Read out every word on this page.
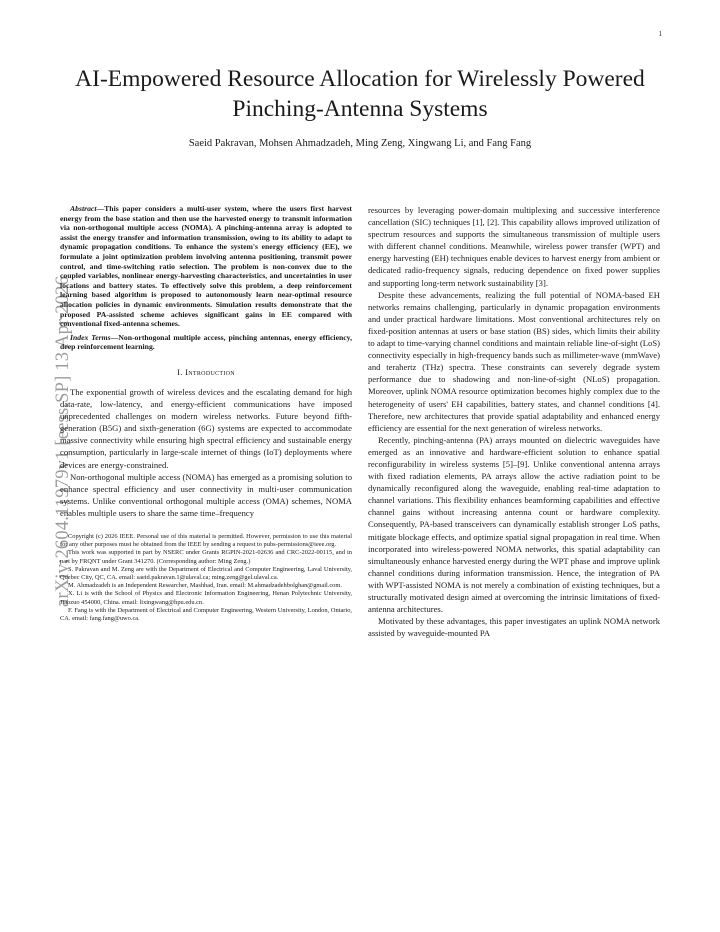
1
arXiv:2604.11979v1 [eess.SP] 13 Apr 2026
AI-Empowered Resource Allocation for Wirelessly Powered Pinching-Antenna Systems
Saeid Pakravan, Mohsen Ahmadzadeh, Ming Zeng, Xingwang Li, and Fang Fang

Abstract—This paper considers a multi-user system, where the users first harvest energy from the base station and then use the harvested energy to transmit information via non-orthogonal multiple access (NOMA). A pinching-antenna array is adopted to assist the energy transfer and information transmission, owing to its ability to adapt to dynamic propagation conditions. To enhance the system's energy efficiency (EE), we formulate a joint optimization problem involving antenna positioning, transmit power control, and time-switching ratio selection. The problem is non-convex due to the coupled variables, nonlinear energy-harvesting characteristics, and uncertainties in user locations and battery states. To effectively solve this problem, a deep reinforcement learning based algorithm is proposed to autonomously learn near-optimal resource allocation policies in dynamic environments. Simulation results demonstrate that the proposed PA-assisted scheme achieves significant gains in EE compared with conventional fixed-antenna schemes.

Index Terms—Non-orthogonal multiple access, pinching antennas, energy efficiency, deep reinforcement learning.

I. Introduction

The exponential growth of wireless devices and the escalating demand for high data-rate, low-latency, and energy-efficient communications have imposed unprecedented challenges on modern wireless networks. Future beyond fifth-generation (B5G) and sixth-generation (6G) systems are expected to accommodate massive connectivity while ensuring high spectral efficiency and sustainable energy consumption, particularly in large-scale internet of things (IoT) deployments where devices are energy-constrained.

Non-orthogonal multiple access (NOMA) has emerged as a promising solution to enhance spectral efficiency and user connectivity in multi-user communication systems. Unlike conventional orthogonal multiple access (OMA) schemes, NOMA enables multiple users to share the same time–frequency

Copyright (c) 2026 IEEE. Personal use of this material is permitted. However, permission to use this material for any other purposes must be obtained from the IEEE by sending a request to pubs-permissions@ieee.org.

This work was supported in part by NSERC under Grants RGPIN-2021-02636 and CRC-2022-00115, and in part by FRQNT under Grant 341270. (Corresponding author: Ming Zeng.)

S. Pakravan and M. Zeng are with the Department of Electrical and Computer Engineering, Laval University, Quebec City, QC, CA. email: saeid.pakravan.1@ulaval.ca; ming.zeng@gel.ulaval.ca.

M. Ahmadzadeh is an Independent Researcher, Mashhad, Iran. email: M.ahmadzadehbolghan@gmail.com.

X. Li is with the School of Physics and Electronic Information Engineering, Henan Polytechnic University, Jiaozuo 454000, China. email: lixingwang@hpu.edu.cn.

F. Fang is with the Department of Electrical and Computer Engineering, Western University, London, Ontario, CA. email: fang.fang@uwo.ca.

resources by leveraging power-domain multiplexing and successive interference cancellation (SIC) techniques [1], [2]. This capability allows improved utilization of spectrum resources and supports the simultaneous transmission of multiple users with different channel conditions. Meanwhile, wireless power transfer (WPT) and energy harvesting (EH) techniques enable devices to harvest energy from ambient or dedicated radio-frequency signals, reducing dependence on fixed power supplies and supporting long-term network sustainability [3].

Despite these advancements, realizing the full potential of NOMA-based EH networks remains challenging, particularly in dynamic propagation environments and under practical hardware limitations. Most conventional architectures rely on fixed-position antennas at users or base station (BS) sides, which limits their ability to adapt to time-varying channel conditions and maintain reliable line-of-sight (LoS) connectivity especially in high-frequency bands such as millimeter-wave (mmWave) and terahertz (THz) spectra. These constraints can severely degrade system performance due to shadowing and non-line-of-sight (NLoS) propagation. Moreover, uplink NOMA resource optimization becomes highly complex due to the heterogeneity of users' EH capabilities, battery states, and channel conditions [4]. Therefore, new architectures that provide spatial adaptability and enhanced energy efficiency are essential for the next generation of wireless networks.

Recently, pinching-antenna (PA) arrays mounted on dielectric waveguides have emerged as an innovative and hardware-efficient solution to enhance spatial reconfigurability in wireless systems [5]–[9]. Unlike conventional antenna arrays with fixed radiation elements, PA arrays allow the active radiation point to be dynamically reconfigured along the waveguide, enabling real-time adaptation to channel variations. This flexibility enhances beamforming capabilities and effective channel gains without increasing antenna count or hardware complexity. Consequently, PA-based transceivers can dynamically establish stronger LoS paths, mitigate blockage effects, and optimize spatial signal propagation in real time. When incorporated into wireless-powered NOMA networks, this spatial adaptability can simultaneously enhance harvested energy during the WPT phase and improve uplink channel conditions during information transmission. Hence, the integration of PA with WPT-assisted NOMA is not merely a combination of existing techniques, but a structurally motivated design aimed at overcoming the intrinsic limitations of fixed-antenna architectures.

Motivated by these advantages, this paper investigates an uplink NOMA network assisted by waveguide-mounted PA
